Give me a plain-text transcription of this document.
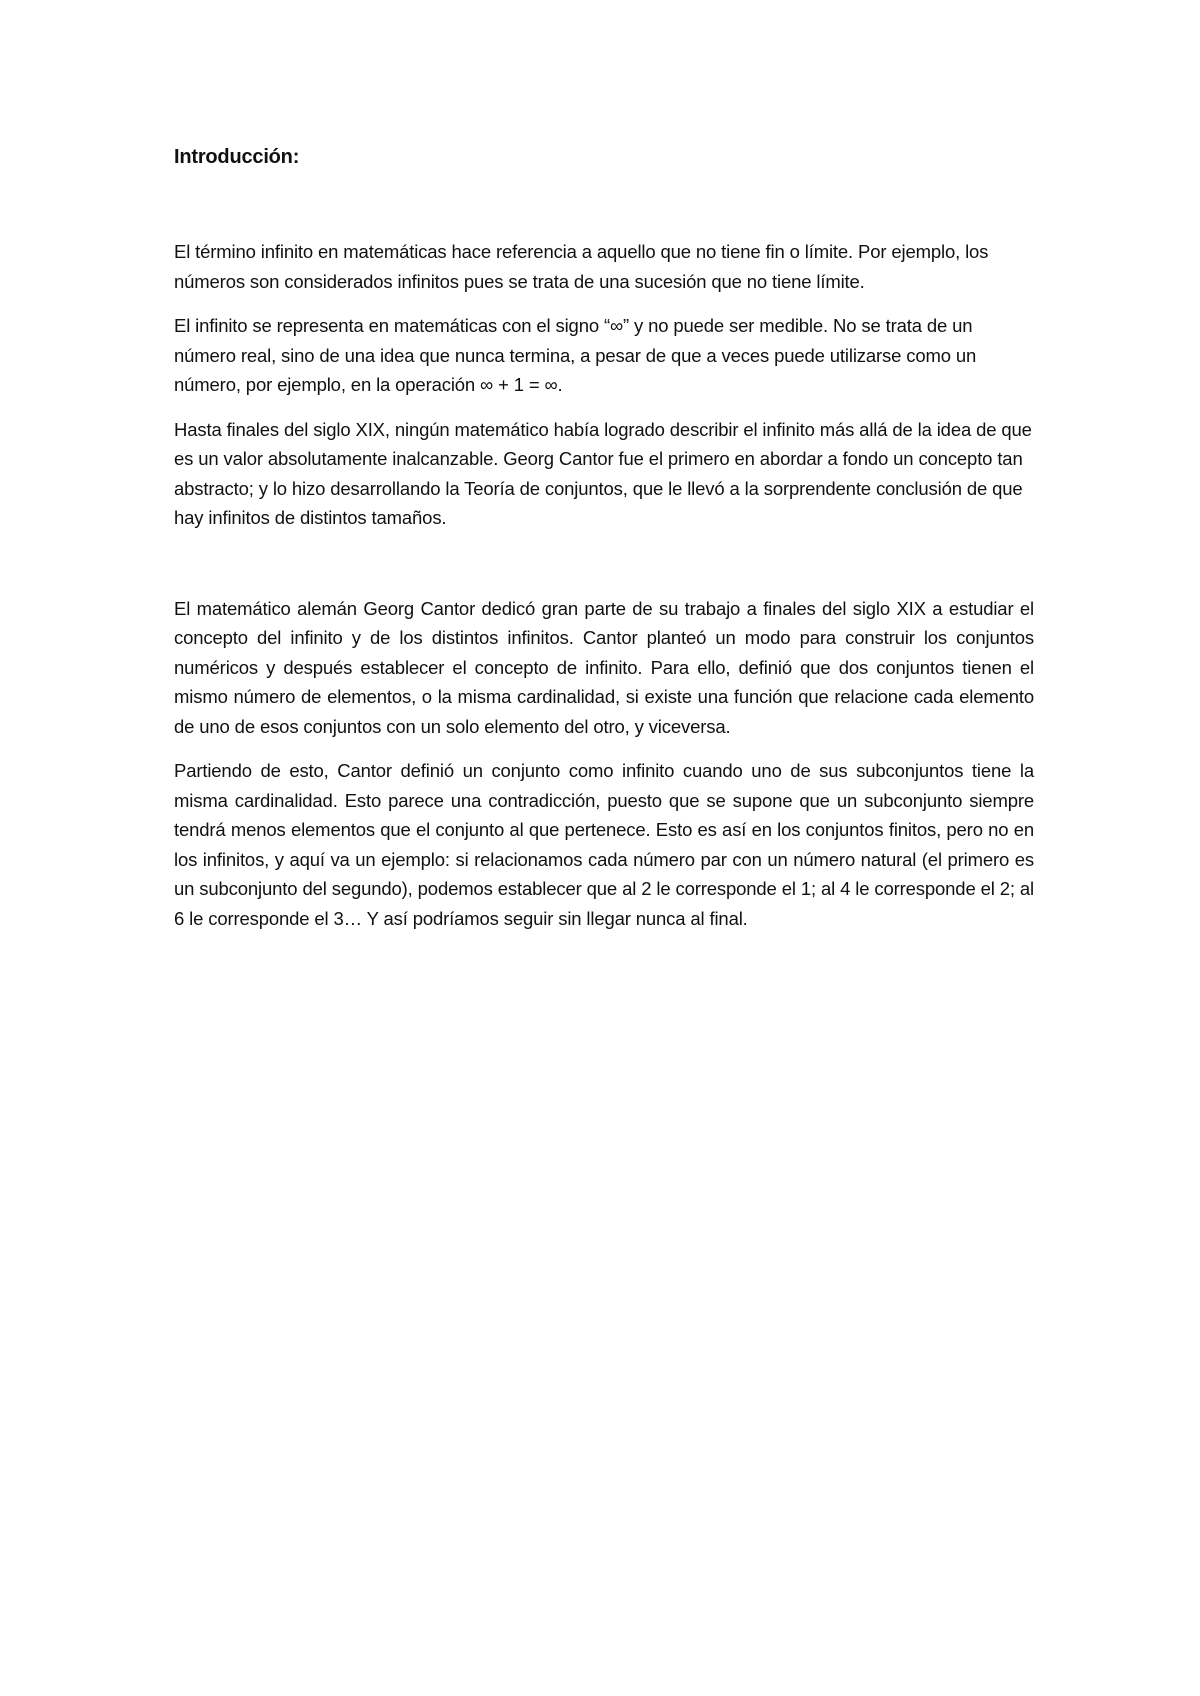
Introducción:

El término infinito en matemáticas hace referencia a aquello que no tiene fin o límite. Por ejemplo, los números son considerados infinitos pues se trata de una sucesión que no tiene límite.

El infinito se representa en matemáticas con el signo “∞” y no puede ser medible. No se trata de un número real, sino de una idea que nunca termina, a pesar de que a veces puede utilizarse como un número, por ejemplo, en la operación ∞ + 1 = ∞.

Hasta finales del siglo XIX, ningún matemático había logrado describir el infinito más allá de la idea de que es un valor absolutamente inalcanzable. Georg Cantor fue el primero en abordar a fondo un concepto tan abstracto; y lo hizo desarrollando la Teoría de conjuntos, que le llevó a la sorprendente conclusión de que hay infinitos de distintos tamaños.

El matemático alemán Georg Cantor dedicó gran parte de su trabajo a finales del siglo XIX a estudiar el concepto del infinito y de los distintos infinitos. Cantor planteó un modo para construir los conjuntos numéricos y después establecer el concepto de infinito. Para ello, definió que dos conjuntos tienen el mismo número de elementos, o la misma cardinalidad, si existe una función que relacione cada elemento de uno de esos conjuntos con un solo elemento del otro, y viceversa.

Partiendo de esto, Cantor definió un conjunto como infinito cuando uno de sus subconjuntos tiene la misma cardinalidad. Esto parece una contradicción, puesto que se supone que un subconjunto siempre tendrá menos elementos que el conjunto al que pertenece. Esto es así en los conjuntos finitos, pero no en los infinitos, y aquí va un ejemplo: si relacionamos cada número par con un número natural (el primero es un subconjunto del segundo), podemos establecer que al 2 le corresponde el 1; al 4 le corresponde el 2; al 6 le corresponde el 3… Y así podríamos seguir sin llegar nunca al final.
